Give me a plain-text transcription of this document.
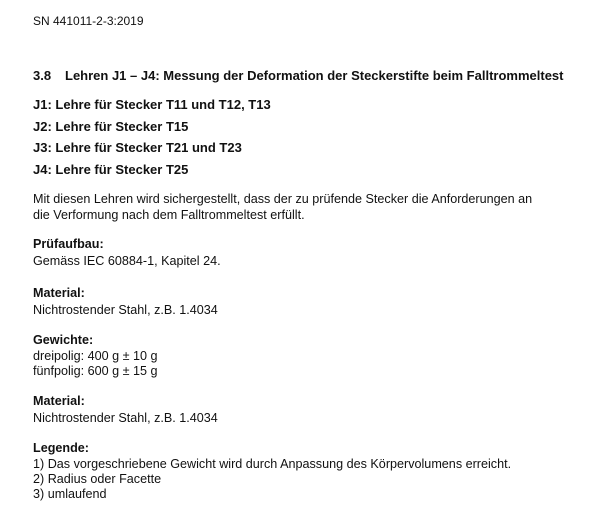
SN 441011-2-3:2019
3.8 Lehren J1 – J4: Messung der Deformation der Steckerstifte beim Falltrommeltest
J1: Lehre für Stecker T11 und T12, T13
J2: Lehre für Stecker T15
J3: Lehre für Stecker T21 und T23
J4: Lehre für Stecker T25
Mit diesen Lehren wird sichergestellt, dass der zu prüfende Stecker die Anforderungen an
die Verformung nach dem Falltrommeltest erfüllt.
Prüfaufbau:
Gemäss IEC 60884-1, Kapitel 24.
Material:
Nichtrostender Stahl, z.B. 1.4034
Gewichte:
dreipolig: 400 g ± 10 g
fünfpolig: 600 g ± 15 g
Material:
Nichtrostender Stahl, z.B. 1.4034
Legende:
1) Das vorgeschriebene Gewicht wird durch Anpassung des Körpervolumens erreicht.
2) Radius oder Facette
3) umlaufend
